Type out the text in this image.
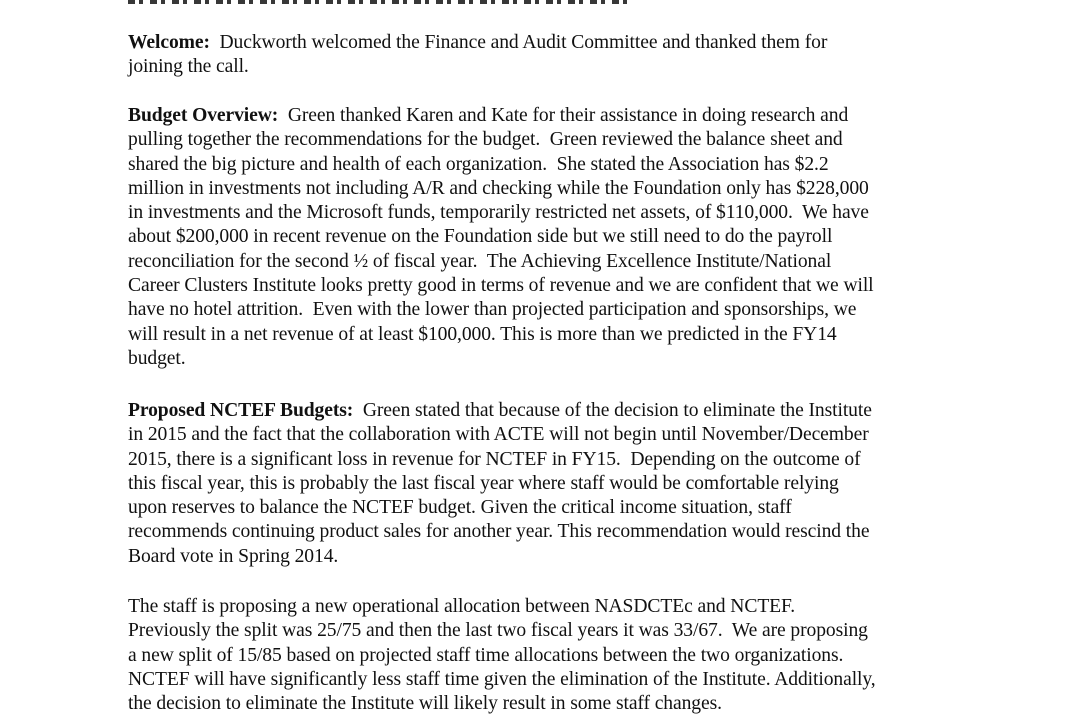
Welcome:  Duckworth welcomed the Finance and Audit Committee and thanked them for
joining the call.
Budget Overview:  Green thanked Karen and Kate for their assistance in doing research and
pulling together the recommendations for the budget.  Green reviewed the balance sheet and
shared the big picture and health of each organization.  She stated the Association has $2.2
million in investments not including A/R and checking while the Foundation only has $228,000
in investments and the Microsoft funds, temporarily restricted net assets, of $110,000.  We have
about $200,000 in recent revenue on the Foundation side but we still need to do the payroll
reconciliation for the second ½ of fiscal year.  The Achieving Excellence Institute/National
Career Clusters Institute looks pretty good in terms of revenue and we are confident that we will
have no hotel attrition.  Even with the lower than projected participation and sponsorships, we
will result in a net revenue of at least $100,000. This is more than we predicted in the FY14
budget.
Proposed NCTEF Budgets:  Green stated that because of the decision to eliminate the Institute
in 2015 and the fact that the collaboration with ACTE will not begin until November/December
2015, there is a significant loss in revenue for NCTEF in FY15.  Depending on the outcome of
this fiscal year, this is probably the last fiscal year where staff would be comfortable relying
upon reserves to balance the NCTEF budget. Given the critical income situation, staff
recommends continuing product sales for another year. This recommendation would rescind the
Board vote in Spring 2014.
The staff is proposing a new operational allocation between NASDCTEc and NCTEF.
Previously the split was 25/75 and then the last two fiscal years it was 33/67.  We are proposing
a new split of 15/85 based on projected staff time allocations between the two organizations.
NCTEF will have significantly less staff time given the elimination of the Institute. Additionally,
the decision to eliminate the Institute will likely result in some staff changes.
